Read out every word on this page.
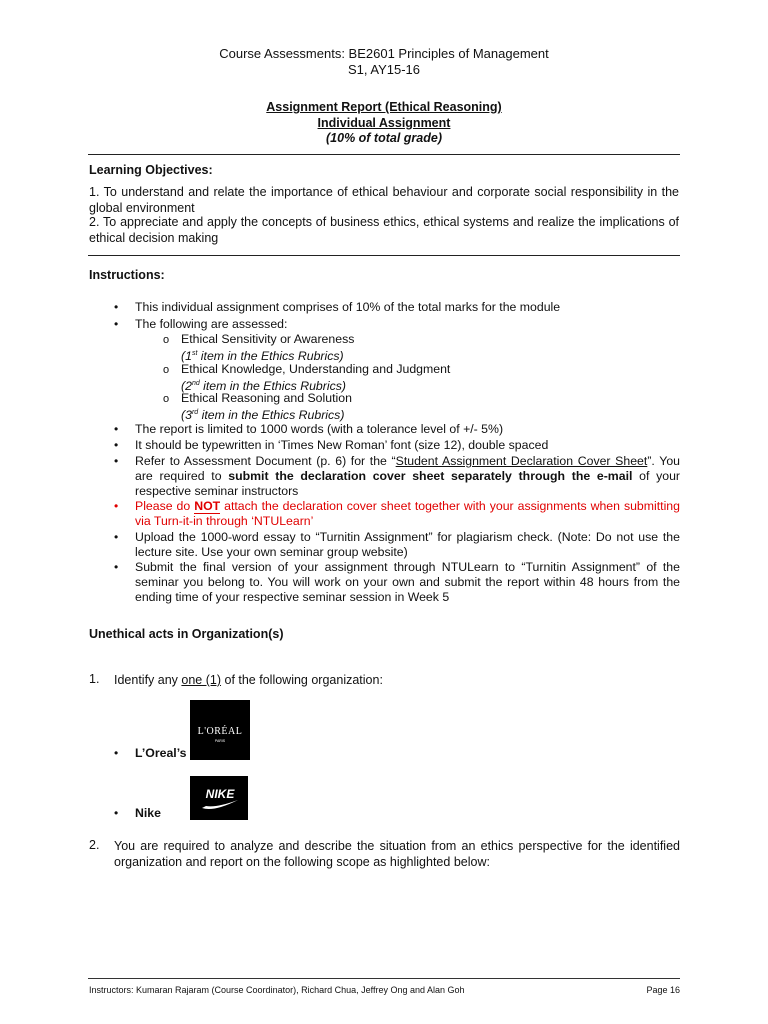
Course Assessments: BE2601 Principles of Management
S1, AY15-16
Assignment Report (Ethical Reasoning)
Individual Assignment
(10% of total grade)
Learning Objectives:
1. To understand and relate the importance of ethical behaviour and corporate social responsibility in the global environment
2. To appreciate and apply the concepts of business ethics, ethical systems and realize the implications of ethical decision making
Instructions:
• This individual assignment comprises of 10% of the total marks for the module
• The following are assessed:
o Ethical Sensitivity or Awareness
(1st item in the Ethics Rubrics)
o Ethical Knowledge, Understanding and Judgment
(2nd item in the Ethics Rubrics)
o Ethical Reasoning and Solution
(3rd item in the Ethics Rubrics)
• The report is limited to 1000 words (with a tolerance level of +/- 5%)
• It should be typewritten in ‘Times New Roman’ font (size 12), double spaced
• Refer to Assessment Document (p. 6) for the “Student Assignment Declaration Cover Sheet”. You are required to submit the declaration cover sheet separately through the e-mail of your respective seminar instructors
• Please do NOT attach the declaration cover sheet together with your assignments when submitting via Turn-it-in through ‘NTULearn’
• Upload the 1000-word essay to “Turnitin Assignment” for plagiarism check. (Note: Do not use the lecture site. Use your own seminar group website)
• Submit the final version of your assignment through NTULearn to “Turnitin Assignment” of the seminar you belong to. You will work on your own and submit the report within 48 hours from the ending time of your respective seminar session in Week 5
Unethical acts in Organization(s)
1. Identify any one (1) of the following organization:
L'ORÉAL
PARIS
• L’Oreal’s
NIKE
• Nike
2. You are required to analyze and describe the situation from an ethics perspective for the identified organization and report on the following scope as highlighted below:
Instructors: Kumaran Rajaram (Course Coordinator), Richard Chua, Jeffrey Ong and Alan Goh	Page 16
